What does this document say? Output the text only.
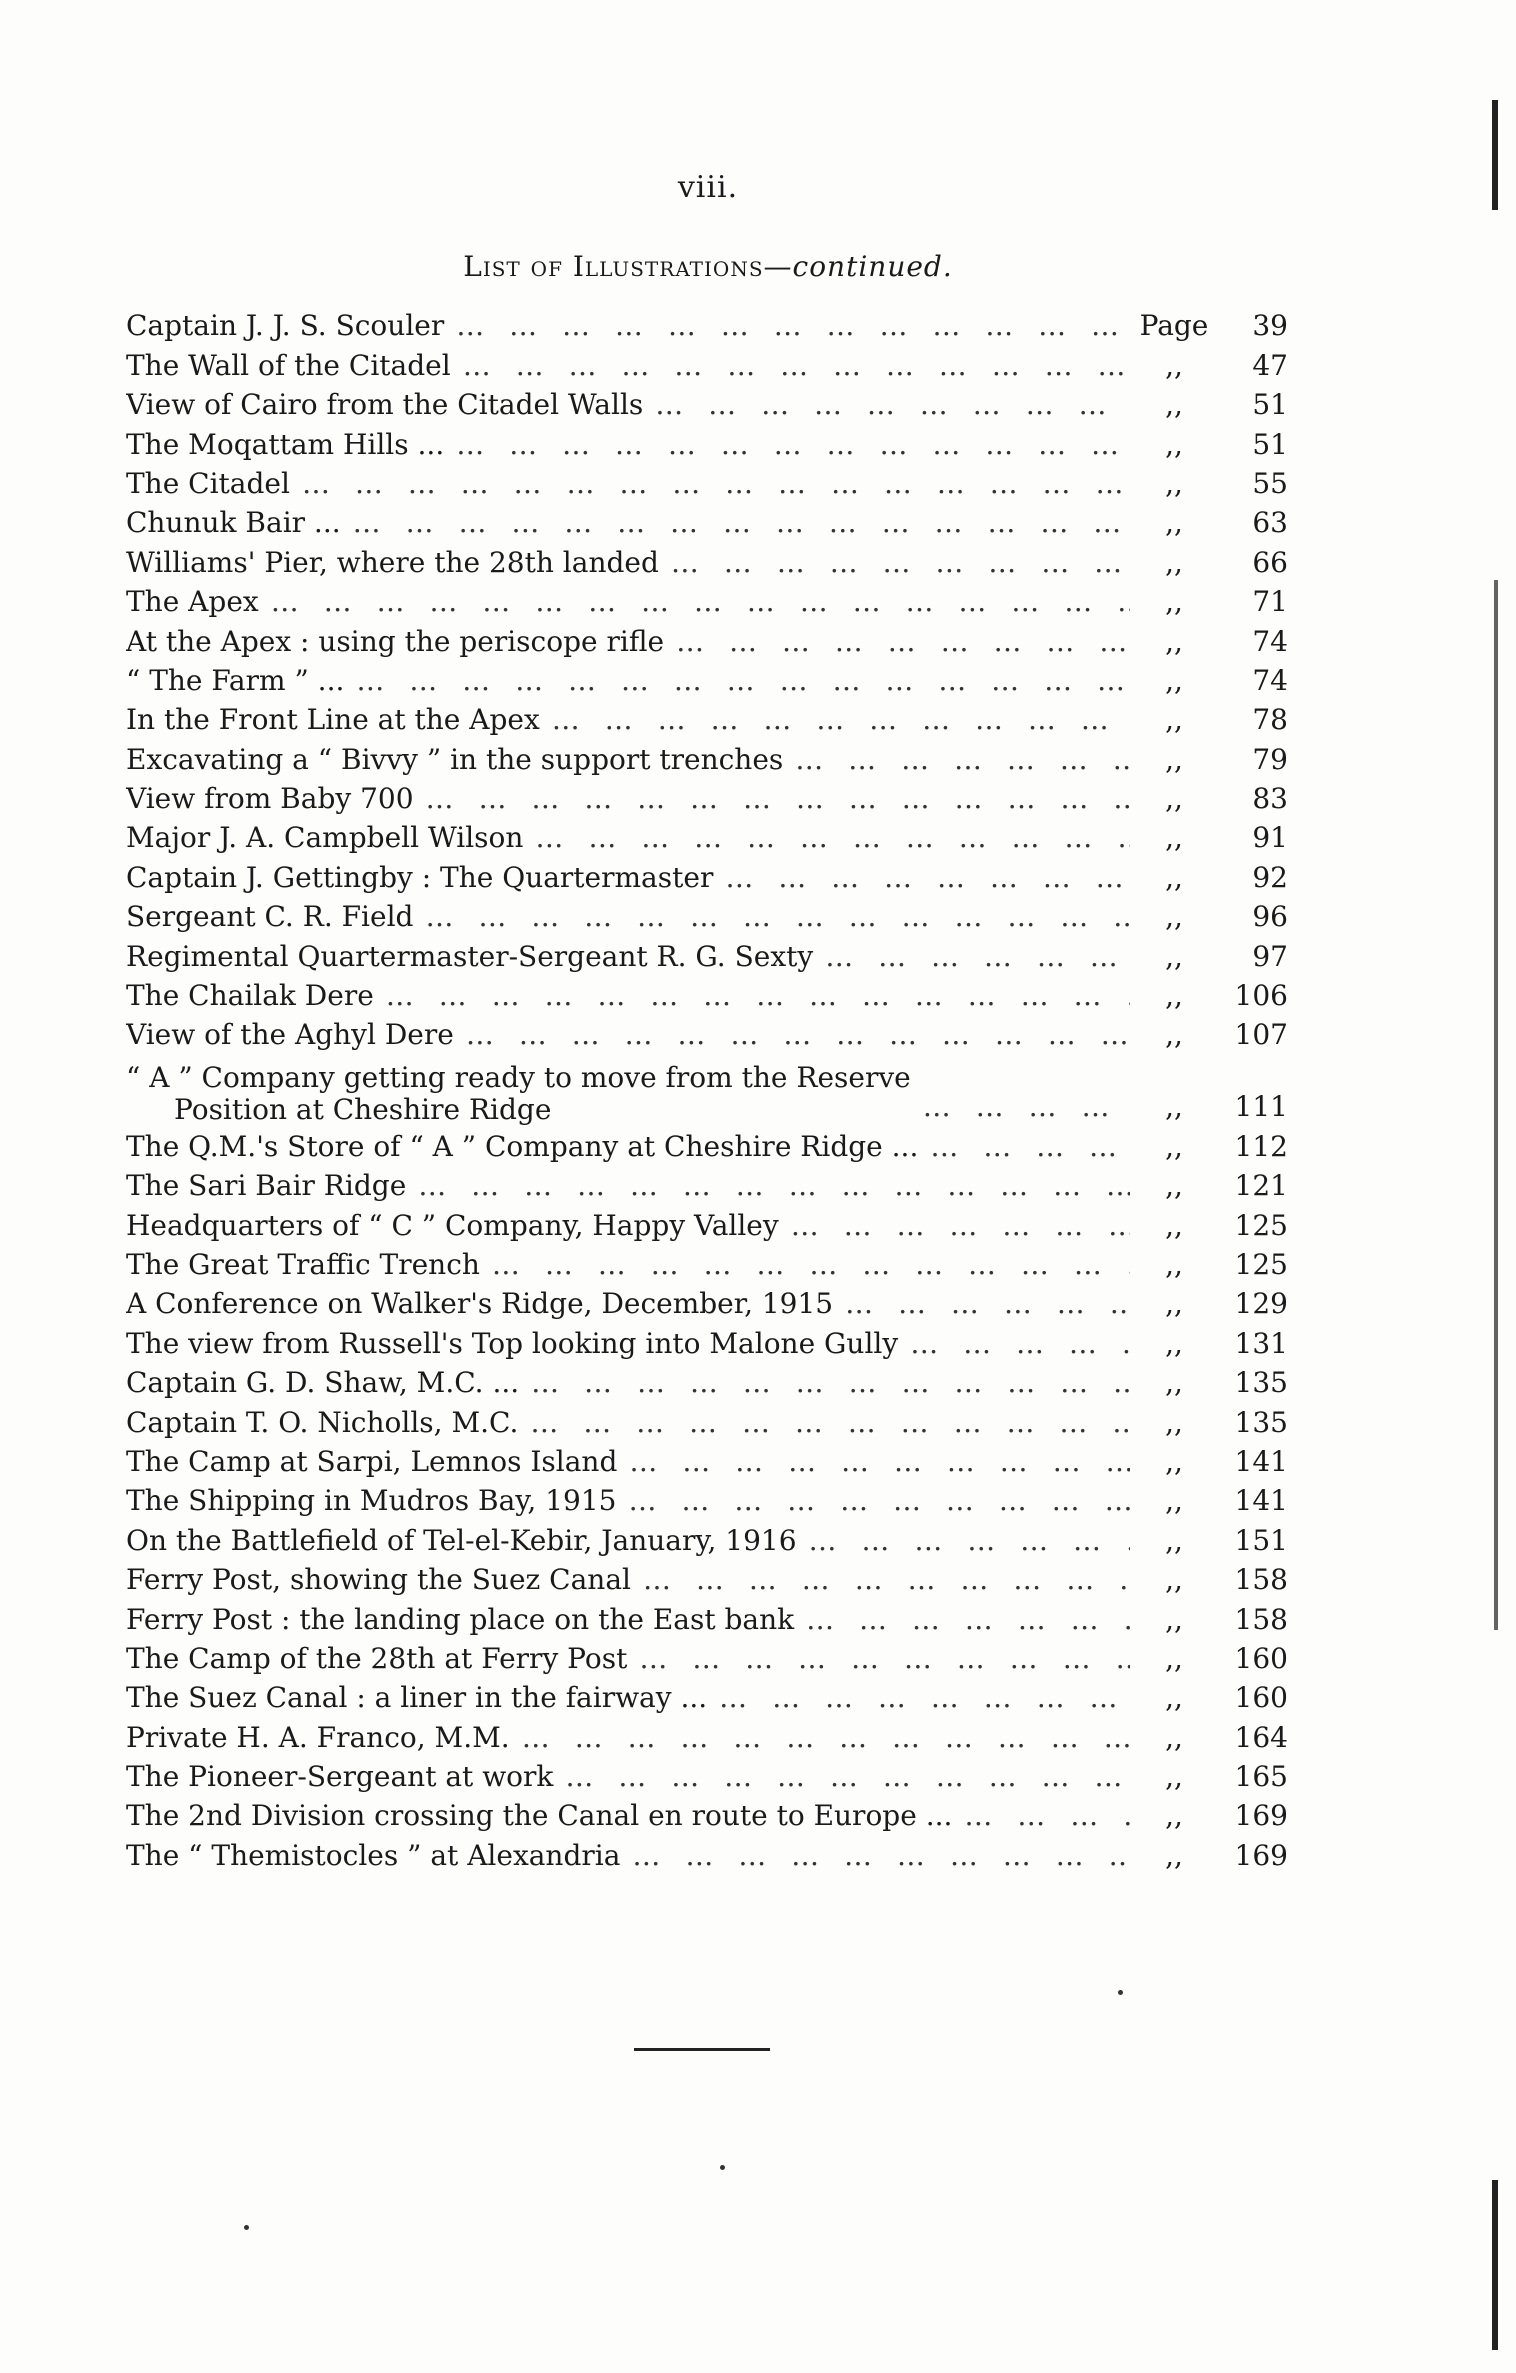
viii.
List of Illustrations—continued.
Captain J. J. S. Scouler … … … … … … … … … … … … … … … … … … … … … … … … … … … … … …	Page	39
The Wall of the Citadel … … … … … … … … … … … … … … … … … … … … … … … … … … … … … …	,,	47
View of Cairo from the Citadel Walls … … … … … … … … … … … … … … … … … … … … … … … … … … … … … …	,,	51
The Moqattam Hills ... … … … … … … … … … … … … … … … … … … … … … … … … … … … … … …	,,	51
The Citadel … … … … … … … … … … … … … … … … … … … … … … … … … … … … … …	,,	55
Chunuk Bair ... … … … … … … … … … … … … … … … … … … … … … … … … … … … … … …	,,	63
Williams' Pier, where the 28th landed … … … … … … … … … … … … … … … … … … … … … … … … … … … … … …	,,	66
The Apex … … … … … … … … … … … … … … … … … … … … … … … … … … … … … …	,,	71
At the Apex : using the periscope rifle … … … … … … … … … … … … … … … … … … … … … … … … … … … … … …	,,	74
“ The Farm ” ... … … … … … … … … … … … … … … … … … … … … … … … … … … … … … …	,,	74
In the Front Line at the Apex … … … … … … … … … … … … … … … … … … … … … … … … … … … … … …	,,	78
Excavating a “ Bivvy ” in the support trenches … … … … … … … … … … … … … … … … … … … … … … … … … … … … … …	,,	79
View from Baby 700 … … … … … … … … … … … … … … … … … … … … … … … … … … … … … …	,,	83
Major J. A. Campbell Wilson … … … … … … … … … … … … … … … … … … … … … … … … … … … … … …	,,	91
Captain J. Gettingby : The Quartermaster … … … … … … … … … … … … … … … … … … … … … … … … … … … … … …	,,	92
Sergeant C. R. Field … … … … … … … … … … … … … … … … … … … … … … … … … … … … … …	,,	96
Regimental Quartermaster-Sergeant R. G. Sexty … … … … … … … … … … … … … … … … … … … … … … … … … … … … … …	,,	97
The Chailak Dere … … … … … … … … … … … … … … … … … … … … … … … … … … … … … …	,,	106
View of the Aghyl Dere … … … … … … … … … … … … … … … … … … … … … … … … … … … … … …	,,	107
“ A ” Company getting ready to move from the Reserve
Position at Cheshire Ridge … … … … … … … … … … … … … … … … … … … … … … … … … … … … … …	,,	111
The Q.M.'s Store of “ A ” Company at Cheshire Ridge ... … … … … … … … … … … … … … … … … … … … … … … … … … … … … … …	,,	112
The Sari Bair Ridge … … … … … … … … … … … … … … … … … … … … … … … … … … … … … …	,,	121
Headquarters of “ C ” Company, Happy Valley … … … … … … … … … … … … … … … … … … … … … … … … … … … … … …	,,	125
The Great Traffic Trench … … … … … … … … … … … … … … … … … … … … … … … … … … … … … …	,,	125
A Conference on Walker's Ridge, December, 1915 … … … … … … … … … … … … … … … … … … … … … … … … … … … … … …	,,	129
The view from Russell's Top looking into Malone Gully … … … … … … … … … … … … … … … … … … … … … … … … … … … … … …	,,	131
Captain G. D. Shaw, M.C. ... … … … … … … … … … … … … … … … … … … … … … … … … … … … … … …	,,	135
Captain T. O. Nicholls, M.C. … … … … … … … … … … … … … … … … … … … … … … … … … … … … … …	,,	135
The Camp at Sarpi, Lemnos Island … … … … … … … … … … … … … … … … … … … … … … … … … … … … … …	,,	141
The Shipping in Mudros Bay, 1915 … … … … … … … … … … … … … … … … … … … … … … … … … … … … … …	,,	141
On the Battlefield of Tel-el-Kebir, January, 1916 … … … … … … … … … … … … … … … … … … … … … … … … … … … … … …	,,	151
Ferry Post, showing the Suez Canal … … … … … … … … … … … … … … … … … … … … … … … … … … … … … …	,,	158
Ferry Post : the landing place on the East bank … … … … … … … … … … … … … … … … … … … … … … … … … … … … … …	,,	158
The Camp of the 28th at Ferry Post … … … … … … … … … … … … … … … … … … … … … … … … … … … … … …	,,	160
The Suez Canal : a liner in the fairway ... … … … … … … … … … … … … … … … … … … … … … … … … … … … … … …	,,	160
Private H. A. Franco, M.M. … … … … … … … … … … … … … … … … … … … … … … … … … … … … … …	,,	164
The Pioneer-Sergeant at work … … … … … … … … … … … … … … … … … … … … … … … … … … … … … …	,,	165
The 2nd Division crossing the Canal en route to Europe ... … … … … … … … … … … … … … … … … … … … … … … … … … … … … … …	,,	169
The “ Themistocles ” at Alexandria … … … … … … … … … … … … … … … … … … … … … … … … … … … … … …	,,	169
